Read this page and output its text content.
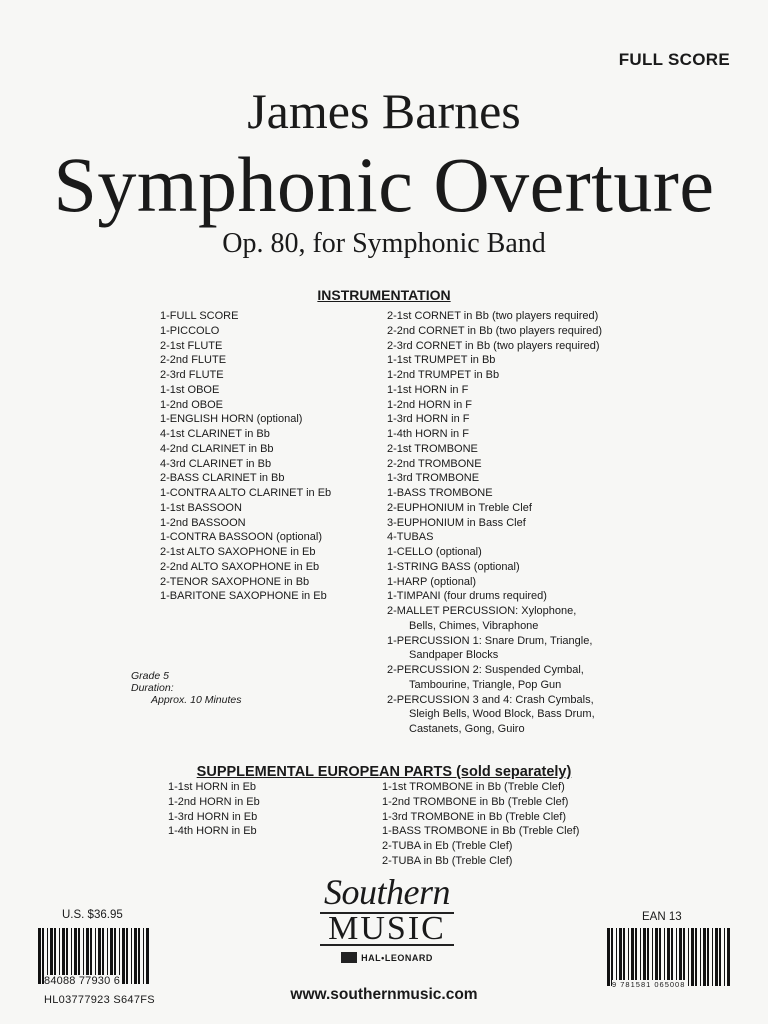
FULL SCORE
James Barnes
Symphonic Overture
Op. 80, for Symphonic Band
INSTRUMENTATION
1-FULL SCORE
1-PICCOLO
2-1st FLUTE
2-2nd FLUTE
2-3rd FLUTE
1-1st OBOE
1-2nd OBOE
1-ENGLISH HORN (optional)
4-1st CLARINET in Bb
4-2nd CLARINET in Bb
4-3rd CLARINET in Bb
2-BASS CLARINET in Bb
1-CONTRA ALTO CLARINET in Eb
1-1st BASSOON
1-2nd BASSOON
1-CONTRA BASSOON (optional)
2-1st ALTO SAXOPHONE in Eb
2-2nd ALTO SAXOPHONE in Eb
2-TENOR SAXOPHONE in Bb
1-BARITONE SAXOPHONE in Eb
2-1st CORNET in Bb (two players required)
2-2nd CORNET in Bb (two players required)
2-3rd CORNET in Bb (two players required)
1-1st TRUMPET in Bb
1-2nd TRUMPET in Bb
1-1st HORN in F
1-2nd HORN in F
1-3rd HORN in F
1-4th HORN in F
2-1st TROMBONE
2-2nd TROMBONE
1-3rd TROMBONE
1-BASS TROMBONE
2-EUPHONIUM in Treble Clef
3-EUPHONIUM in Bass Clef
4-TUBAS
1-CELLO (optional)
1-STRING BASS (optional)
1-HARP (optional)
1-TIMPANI (four drums required)
2-MALLET PERCUSSION: Xylophone,
Bells, Chimes, Vibraphone
1-PERCUSSION 1: Snare Drum, Triangle,
Sandpaper Blocks
2-PERCUSSION 2: Suspended Cymbal,
Tambourine, Triangle, Pop Gun
2-PERCUSSION 3 and 4: Crash Cymbals,
Sleigh Bells, Wood Block, Bass Drum,
Castanets, Gong, Guiro
Grade 5
Duration:
Approx. 10 Minutes
SUPPLEMENTAL EUROPEAN PARTS (sold separately)
1-1st HORN in Eb
1-2nd HORN in Eb
1-3rd HORN in Eb
1-4th HORN in Eb
1-1st TROMBONE in Bb (Treble Clef)
1-2nd TROMBONE in Bb (Treble Clef)
1-3rd TROMBONE in Bb (Treble Clef)
1-BASS TROMBONE in Bb (Treble Clef)
2-TUBA in Eb (Treble Clef)
2-TUBA in Bb (Treble Clef)
Southern
MUSIC
HAL•LEONARD
www.southernmusic.com
U.S. $36.95
84088 77930 6
HL03777923 S647FS
EAN 13
9 781581 065008
